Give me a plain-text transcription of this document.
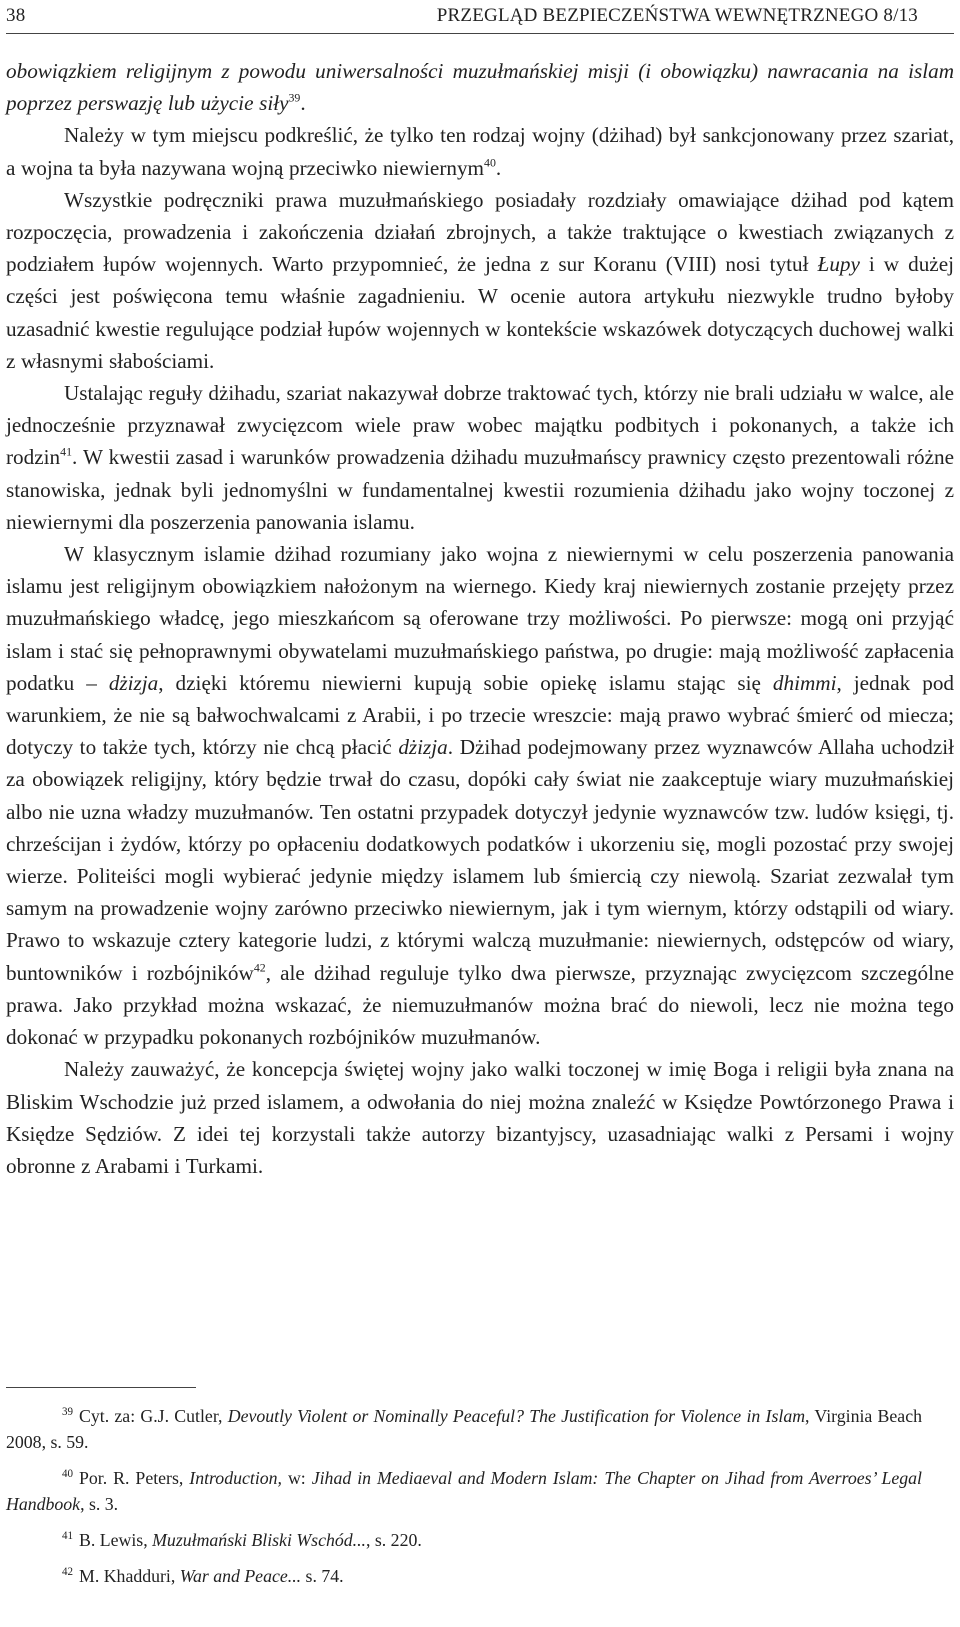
38	PRZEGLĄD BEZPIECZEŃSTWA WEWNĘTRZNEGO 8/13

obowiązkiem religijnym z powodu uniwersalności muzułmańskiej misji (i obowiązku) nawracania na islam poprzez perswazję lub użycie siły$^{39}$.

Należy w tym miejscu podkreślić, że tylko ten rodzaj wojny (dżihad) był sankcjonowany przez szariat, a wojna ta była nazywana wojną przeciwko niewiernym$^{40}$.

Wszystkie podręczniki prawa muzułmańskiego posiadały rozdziały omawiające dżihad pod kątem rozpoczęcia, prowadzenia i zakończenia działań zbrojnych, a także traktujące o kwestiach związanych z podziałem łupów wojennych. Warto przypomnieć, że jedna z sur Koranu (VIII) nosi tytuł Łupy i w dużej części jest poświęcona temu właśnie zagadnieniu. W ocenie autora artykułu niezwykle trudno byłoby uzasadnić kwestie regulujące podział łupów wojennych w kontekście wskazówek dotyczących duchowej walki z własnymi słabościami.

Ustalając reguły dżihadu, szariat nakazywał dobrze traktować tych, którzy nie brali udziału w walce, ale jednocześnie przyznawał zwycięzcom wiele praw wobec majątku podbitych i pokonanych, a także ich rodzin$^{41}$. W kwestii zasad i warunków prowadzenia dżihadu muzułmańscy prawnicy często prezentowali różne stanowiska, jednak byli jednomyślni w fundamentalnej kwestii rozumienia dżihadu jako wojny toczonej z niewiernymi dla poszerzenia panowania islamu.

W klasycznym islamie dżihad rozumiany jako wojna z niewiernymi w celu poszerzenia panowania islamu jest religijnym obowiązkiem nałożonym na wiernego. Kiedy kraj niewiernych zostanie przejęty przez muzułmańskiego władcę, jego mieszkańcom są oferowane trzy możliwości. Po pierwsze: mogą oni przyjąć islam i stać się pełnoprawnymi obywatelami muzułmańskiego państwa, po drugie: mają możliwość zapłacenia podatku – dżizja, dzięki któremu niewierni kupują sobie opiekę islamu stając się dhimmi, jednak pod warunkiem, że nie są bałwochwalcami z Arabii, i po trzecie wreszcie: mają prawo wybrać śmierć od miecza; dotyczy to także tych, którzy nie chcą płacić dżizja. Dżihad podejmowany przez wyznawców Allaha uchodził za obowiązek religijny, który będzie trwał do czasu, dopóki cały świat nie zaakceptuje wiary muzułmańskiej albo nie uzna władzy muzułmanów. Ten ostatni przypadek dotyczył jedynie wyznawców tzw. ludów księgi, tj. chrześcijan i żydów, którzy po opłaceniu dodatkowych podatków i ukorzeniu się, mogli pozostać przy swojej wierze. Politeiści mogli wybierać jedynie między islamem lub śmiercią czy niewolą. Szariat zezwalał tym samym na prowadzenie wojny zarówno przeciwko niewiernym, jak i tym wiernym, którzy odstąpili od wiary. Prawo to wskazuje cztery kategorie ludzi, z którymi walczą muzułmanie: niewiernych, odstępców od wiary, buntowników i rozbójników$^{42}$, ale dżihad reguluje tylko dwa pierwsze, przyznając zwycięzcom szczególne prawa. Jako przykład można wskazać, że niemuzułmanów można brać do niewoli, lecz nie można tego dokonać w przypadku pokonanych rozbójników muzułmanów.

Należy zauważyć, że koncepcja świętej wojny jako walki toczonej w imię Boga i religii była znana na Bliskim Wschodzie już przed islamem, a odwołania do niej można znaleźć w Księdze Powtórzonego Prawa i Księdze Sędziów. Z idei tej korzystali także autorzy bizantyjscy, uzasadniając walki z Persami i wojny obronne z Arabami i Turkami.

$^{39}$ Cyt. za: G.J. Cutler, Devoutly Violent or Nominally Peaceful? The Justification for Violence in Islam, Virginia Beach 2008, s. 59.

$^{40}$ Por. R. Peters, Introduction, w: Jihad in Mediaeval and Modern Islam: The Chapter on Jihad from Averroes’ Legal Handbook, s. 3.

$^{41}$ B. Lewis, Muzułmański Bliski Wschód..., s. 220.

$^{42}$ M. Khadduri, War and Peace... s. 74.
